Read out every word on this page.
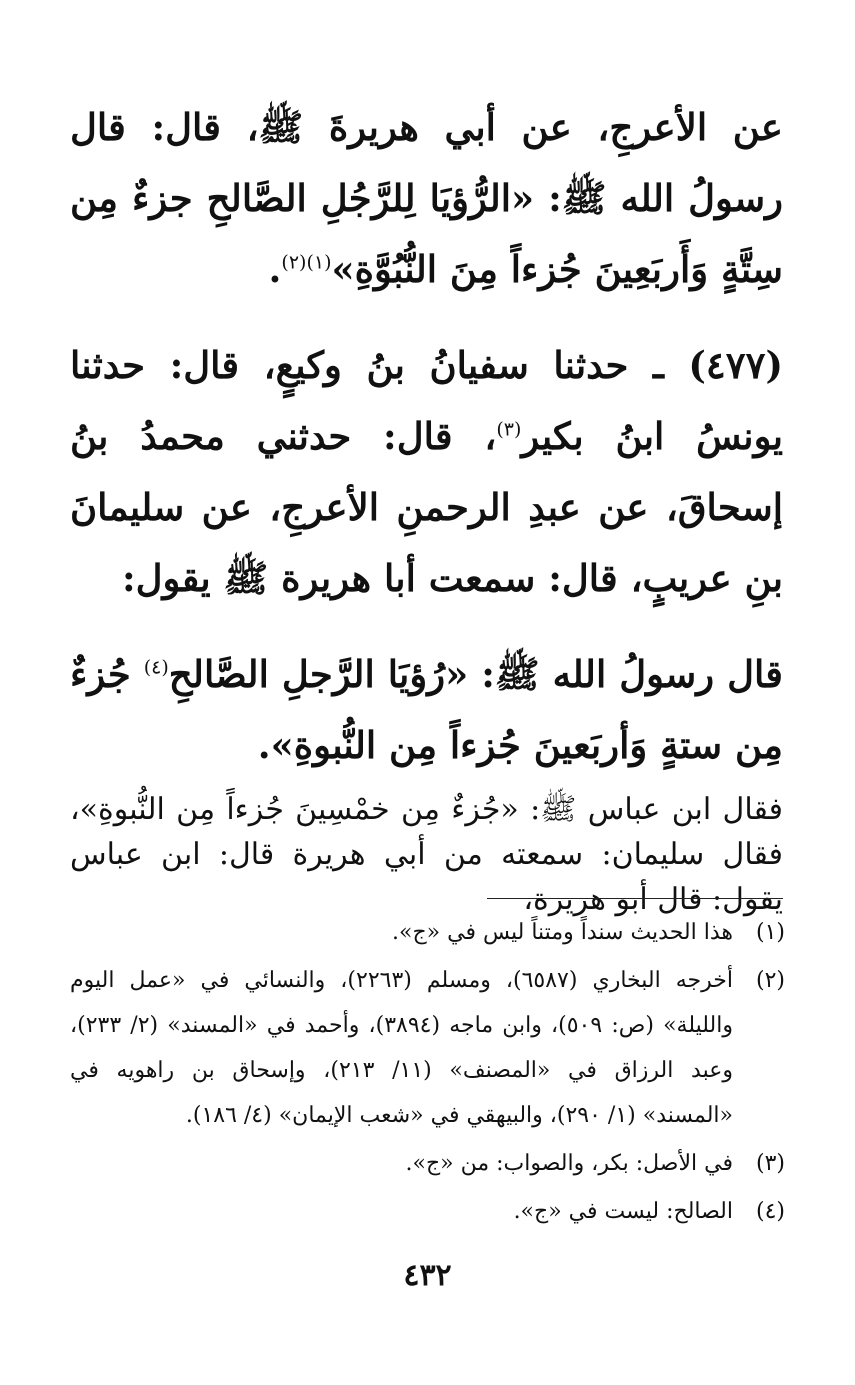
عن الأعرجِ، عن أبي هريرةَ ﷺ، قال: قال رسولُ الله ﷺ: «الرُّؤيَا لِلرَّجُلِ الصَّالحِ جزءٌ مِن سِتَّةٍ وَأَربَعِينَ جُزءاً مِنَ النُّبُوَّةِ»$^{(١)(٢)}$.

(٤٧٧) ـ حدثنا سفيانُ بنُ وكيعٍ، قال: حدثنا يونسُ ابنُ بكير$^{(٣)}$، قال: حدثني محمدُ بنُ إسحاقَ، عن عبدِ الرحمنِ الأعرجِ، عن سليمانَ بنِ عريبٍ، قال: سمعت أبا هريرة ﷺ يقول:

قال رسولُ الله ﷺ: «رُؤيَا الرَّجلِ الصَّالحِ$^{(٤)}$ جُزءٌ مِن ستةٍ وَأربَعينَ جُزءاً مِن النُّبوةِ».

فقال ابن عباس ﷺ: «جُزءٌ مِن خمْسِينَ جُزءاً مِن النُّبوةِ»، فقال سليمان: سمعته من أبي هريرة قال: ابن عباس يقول: قال أبو هريرة،

(١)
هذا الحديث سنداً ومتناً ليس في «ج».

(٢)
أخرجه البخاري (٦٥٨٧)، ومسلم (٢٢٦٣)، والنسائي في «عمل اليوم والليلة» (ص: ٥٠٩)، وابن ماجه (٣٨٩٤)، وأحمد في «المسند» (٢/ ٢٣٣)، وعبد الرزاق في «المصنف» (١١/ ٢١٣)، وإسحاق بن راهويه في «المسند» (١/ ٢٩٠)، والبيهقي في «شعب الإيمان» (٤/ ١٨٦).

(٣)
في الأصل: بكر، والصواب: من «ج».

(٤)
الصالح: ليست في «ج».

٤٣٢
